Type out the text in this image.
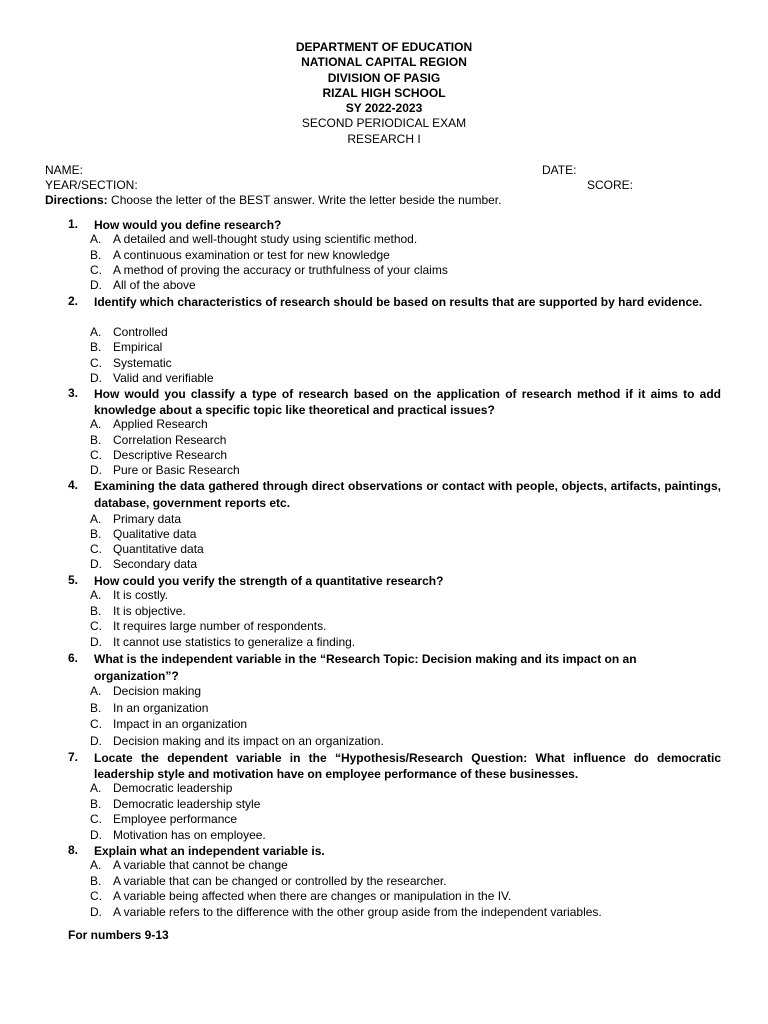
DEPARTMENT OF EDUCATION
NATIONAL CAPITAL REGION
DIVISION OF PASIG
RIZAL HIGH SCHOOL
SY 2022-2023
SECOND PERIODICAL EXAM
RESEARCH I
NAME:	DATE:
YEAR/SECTION:	SCORE:
Directions: Choose the letter of the BEST answer. Write the letter beside the number.
1. How would you define research?
A. A detailed and well-thought study using scientific method.
B. A continuous examination or test for new knowledge
C. A method of proving the accuracy or truthfulness of your claims
D. All of the above
2. Identify which characteristics of research should be based on results that are supported by hard evidence.
A. Controlled
B. Empirical
C. Systematic
D. Valid and verifiable
3. How would you classify a type of research based on the application of research method if it aims to add knowledge about a specific topic like theoretical and practical issues?
A. Applied Research
B. Correlation Research
C. Descriptive Research
D. Pure or Basic Research
4. Examining the data gathered through direct observations or contact with people, objects, artifacts, paintings, database, government reports etc.
A. Primary data
B. Qualitative data
C. Quantitative data
D. Secondary data
5. How could you verify the strength of a quantitative research?
A. It is costly.
B. It is objective.
C. It requires large number of respondents.
D. It cannot use statistics to generalize a finding.
6. What is the independent variable in the “Research Topic: Decision making and its impact on an organization”?
A. Decision making
B. In an organization
C. Impact in an organization
D. Decision making and its impact on an organization.
7. Locate the dependent variable in the “Hypothesis/Research Question: What influence do democratic leadership style and motivation have on employee performance of these businesses.
A. Democratic leadership
B. Democratic leadership style
C. Employee performance
D. Motivation has on employee.
8. Explain what an independent variable is.
A. A variable that cannot be change
B. A variable that can be changed or controlled by the researcher.
C. A variable being affected when there are changes or manipulation in the IV.
D. A variable refers to the difference with the other group aside from the independent variables.
For numbers 9-13
